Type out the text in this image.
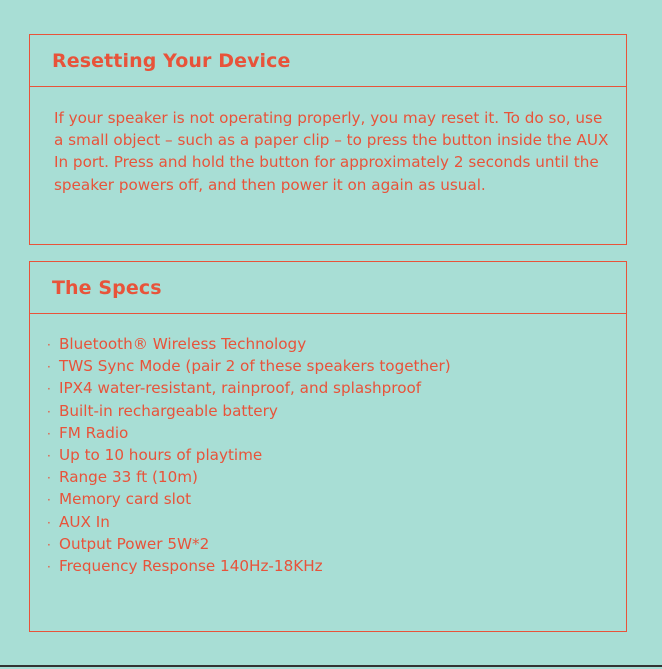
Resetting Your Device

If your speaker is not operating properly, you may reset it. To do so, use a small object – such as a paper clip – to press the button inside the AUX In port. Press and hold the button for approximately 2 seconds until the speaker powers off, and then power it on again as usual.

The Specs
· Bluetooth® Wireless Technology
· TWS Sync Mode (pair 2 of these speakers together)
· IPX4 water-resistant, rainproof, and splashproof
· Built-in rechargeable battery
· FM Radio
· Up to 10 hours of playtime
· Range 33 ft (10m)
· Memory card slot
· AUX In
· Output Power 5W*2
· Frequency Response 140Hz-18KHz
